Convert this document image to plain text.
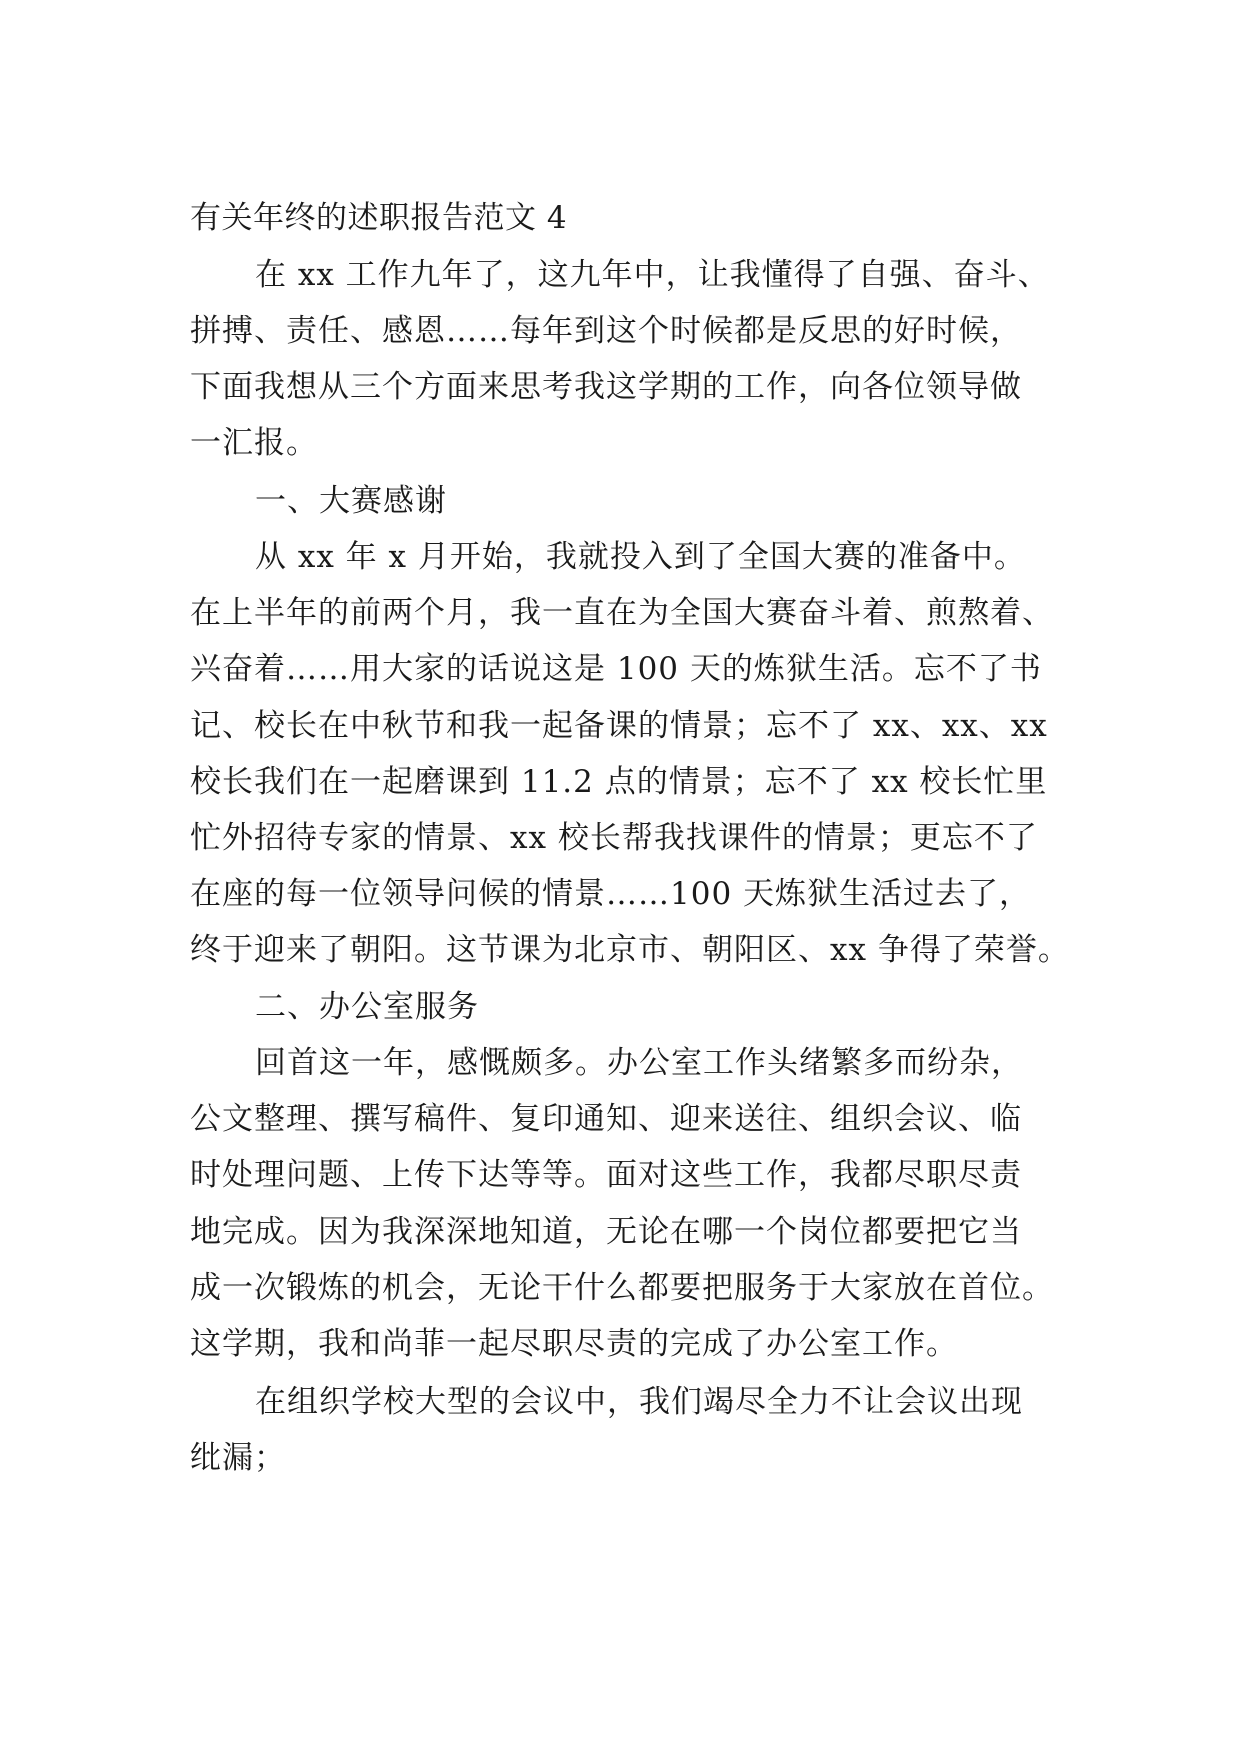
有关年终的述职报告范文 4
在 xx 工作九年了，这九年中，让我懂得了自强、奋斗、
拼搏、责任、感恩……每年到这个时候都是反思的好时候，
下面我想从三个方面来思考我这学期的工作，向各位领导做
一汇报。
一、大赛感谢
从 xx 年 x 月开始，我就投入到了全国大赛的准备中。
在上半年的前两个月，我一直在为全国大赛奋斗着、煎熬着、
兴奋着……用大家的话说这是 100 天的炼狱生活。忘不了书
记、校长在中秋节和我一起备课的情景；忘不了 xx、xx、xx
校长我们在一起磨课到 11.2 点的情景；忘不了 xx 校长忙里
忙外招待专家的情景、xx 校长帮我找课件的情景；更忘不了
在座的每一位领导问候的情景……100 天炼狱生活过去了，
终于迎来了朝阳。这节课为北京市、朝阳区、xx 争得了荣誉。
二、办公室服务
回首这一年，感慨颇多。办公室工作头绪繁多而纷杂，
公文整理、撰写稿件、复印通知、迎来送往、组织会议、临
时处理问题、上传下达等等。面对这些工作，我都尽职尽责
地完成。因为我深深地知道，无论在哪一个岗位都要把它当
成一次锻炼的机会，无论干什么都要把服务于大家放在首位。
这学期，我和尚菲一起尽职尽责的完成了办公室工作。
在组织学校大型的会议中，我们竭尽全力不让会议出现
纰漏；
